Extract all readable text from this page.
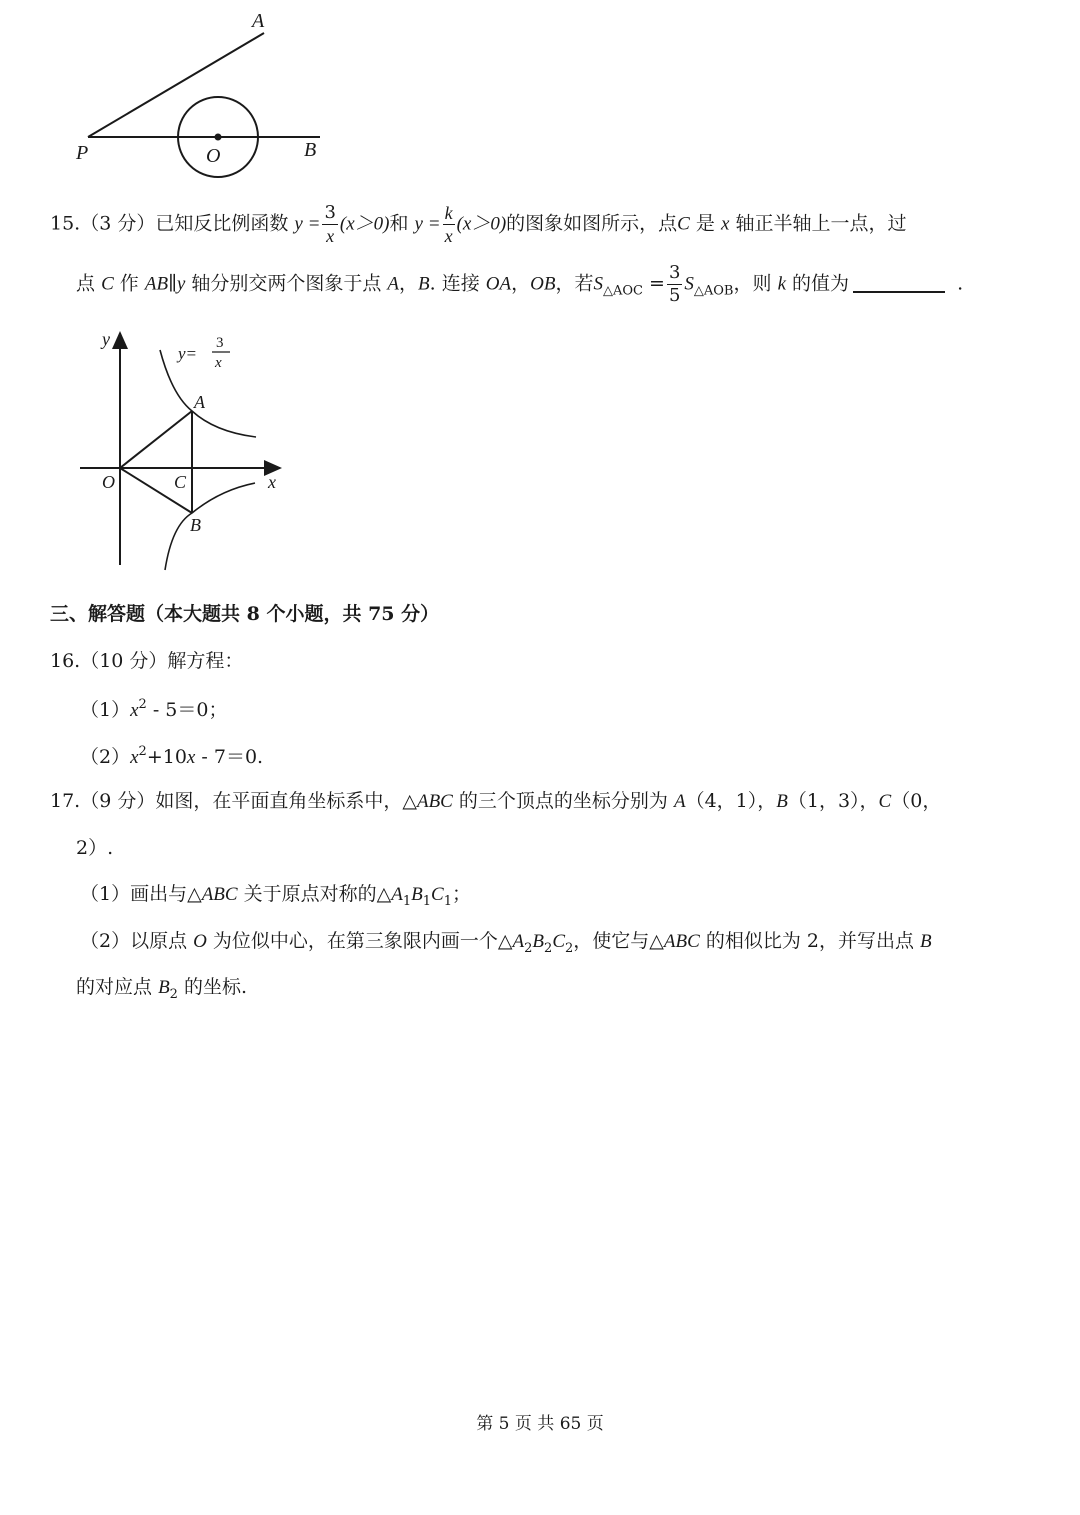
A
P	O	B
15.（3 分）已知反比例函数 $y = \frac{3}{x} (x>0)$和 $y = \frac{k}{x} (x>0)$的图象如图所示，点C 是 x 轴正半轴上一点，过
点 C 作 AB∥y 轴分别交两个图象于点 A，B. 连接 OA，OB，若$S_{\triangle AOC} = \frac{3}{5} S_{\triangle AOB}$，则 k 的值为	.
y
x
y=
3
x
A
O	C
B
三、解答题（本大题共 8 个小题，共 75 分）
16.（10 分）解方程：
$(1)x^2 - 5=0$；
$(2)x^2+10x - 7=0$.
17.（9 分）如图，在平面直角坐标系中，△ABC 的三个顶点的坐标分别为 A（4，1），B（1，3），C（0，
2）.
（1）画出与△ABC 关于原点对称的$\triangle A_1B_1C_1$；
（2）以原点 O 为位似中心，在第三象限内画一个$\triangle A_2B_2C_2$，使它与△ABC 的相似比为 2，并写出点 B
的对应点 $B_2$ 的坐标.
第 5 页 共 65 页
